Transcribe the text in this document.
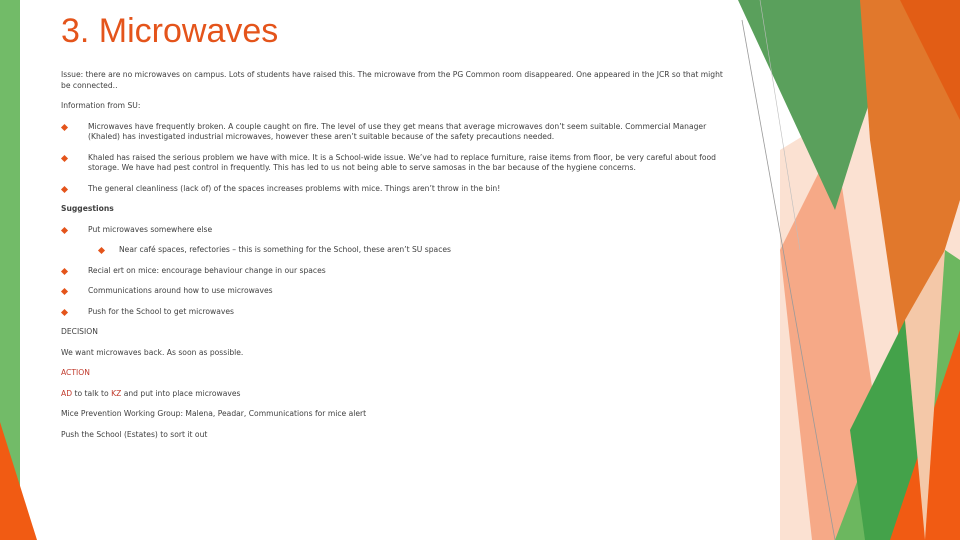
3. Microwaves

Issue: there are no microwaves on campus. Lots of students have raised this. The microwave from the PG Common room disappeared. One appeared in the JCR so that might be connected..

Information from SU:

Microwaves have frequently broken. A couple caught on fire. The level of use they get means that average microwaves don’t seem suitable. Commercial Manager (Khaled) has investigated industrial microwaves, however these aren’t suitable because of the safety precautions needed.

Khaled has raised the serious problem we have with mice. It is a School-wide issue. We’ve had to replace furniture, raise items from floor, be very careful about food storage. We have had pest control in frequently. This has led to us not being able to serve samosas in the bar because of the hygiene concerns.

The general cleanliness (lack of) of the spaces increases problems with mice. Things aren’t throw in the bin!

Suggestions

Put microwaves somewhere else

Near café spaces, refectories – this is something for the School, these aren’t SU spaces

Recial ert on mice: encourage behaviour change in our spaces

Communications around how to use microwaves

Push for the School to get microwaves

DECISION

We want microwaves back. As soon as possible.

ACTION

AD to talk to KZ and put into place microwaves

Mice Prevention Working Group: Malena, Peadar, Communications for mice alert

Push the School (Estates) to sort it out
